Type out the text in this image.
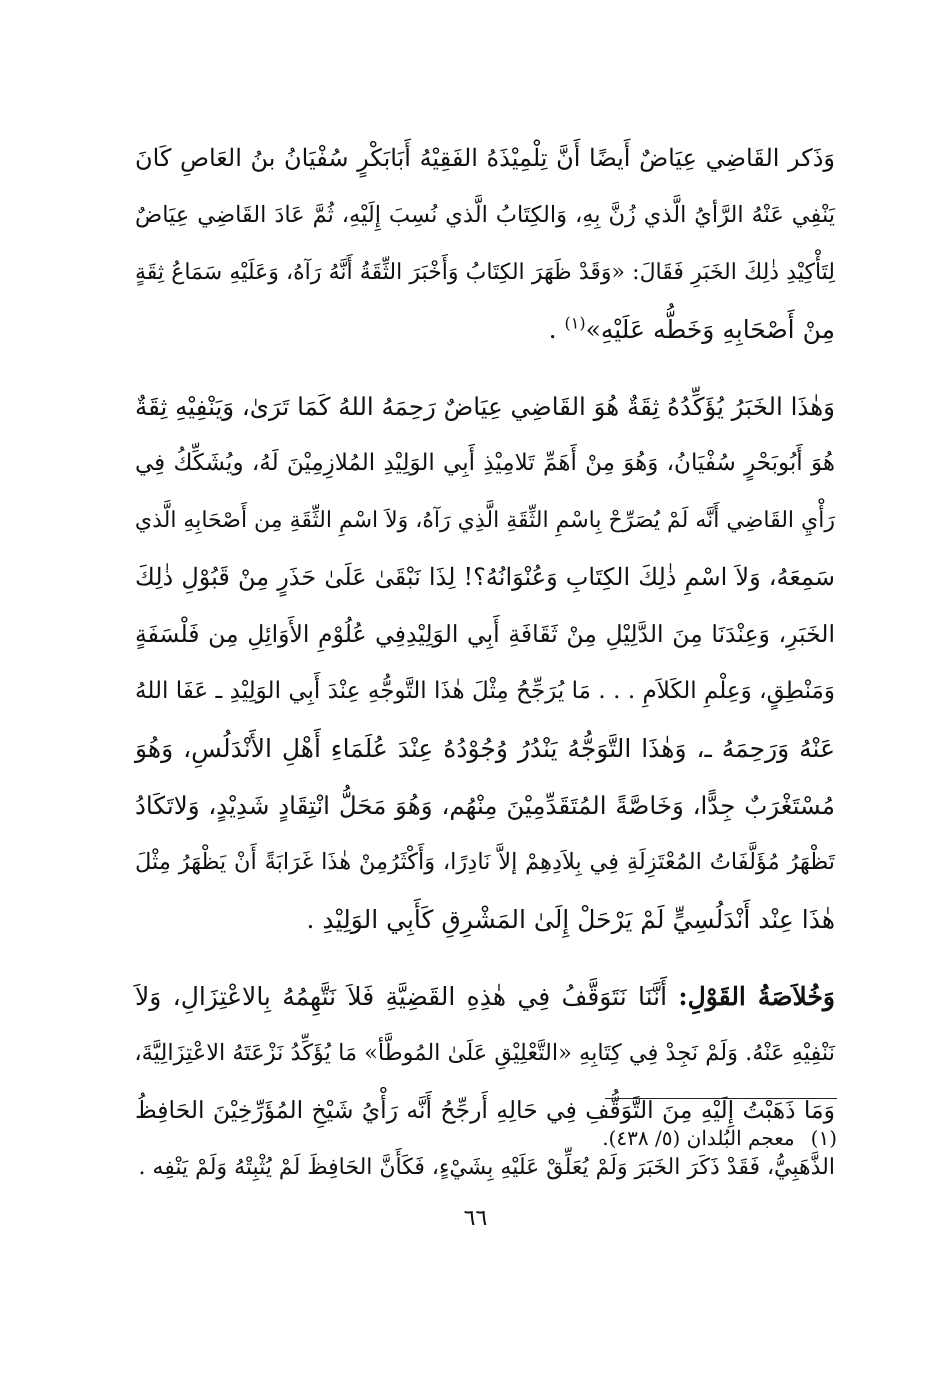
وَذَكر القَاضِي عِيَاضٌ أَيضًا أَنَّ تِلْمِيْذَهُ الفَقِيْهُ أَبَابَكْرٍ سُفْيَانُ بنُ العَاصِ كَانَ
يَنْفِي عَنْهُ الرَّأيُ الَّذي زُنَّ بِهِ، وَالكِتَابُ الَّذي نُسِبَ إِلَيْهِ، ثُمَّ عَادَ القَاضِي عِيَاضٌ
لِتَأْكِيْدِ ذٰلِكَ الخَبَرِ فَقَالَ: «وَقَدْ ظَهَرَ الكِتَابُ وَأَخْبَرَ الثِّقَةُ أَنَّهُ رَآهُ، وَعَلَيْهِ سَمَاعُ ثِقَةٍ
مِنْ أَصْحَابِهِ وَخَطُّه عَلَيْهِ»$^{(١)}$ .

وَهٰذَا الخَبَرُ يُؤَكِّدُهُ ثِقَةٌ هُوَ القَاضِي عِيَاضٌ رَحِمَهُ اللهُ كَمَا تَرَىٰ، وَيَنْفِيْهِ ثِقَةٌ
هُوَ أَبُوبَحْرٍ سُفْيَانُ، وَهُوَ مِنْ أَهَمِّ تَلامِيْذِ أَبِي الوَلِيْدِ المُلازِمِيْنَ لَهُ، ويُشَكِّكُ فِي
رَأْيِ القَاضِي أَنَّه لَمْ يُصَرِّحْ بِاسْمِ الثِّقَةِ الَّذِي رَآهُ، وَلاَ اسْمِ الثِّقَةِ مِن أَصْحَابِهِ الَّذي
سَمِعَهُ، وَلاَ اسْمِ ذٰلِكَ الكِتَابِ وَعُنْوَانُهُ؟! لِذَا نَبْقَىٰ عَلَىٰ حَذَرٍ مِنْ قَبُوْلِ ذٰلِكَ
الخَبَرِ، وَعِنْدَنَا مِنَ الدَّلِيْلِ مِنْ ثَقَافَةِ أَبِي الوَلِيْدِفِي عُلُوْمِ الأَوَائِلِ مِن فَلْسَفَةٍ
وَمَنْطِقٍ، وَعِلْمِ الكَلاَمِ . . . مَا يُرَجِّحُ مِثْلَ هٰذَا التَّوجُّهِ عِنْدَ أَبِي الوَلِيْدِ ـ عَفَا اللهُ
عَنْهُ وَرَحِمَهُ ـ، وَهٰذَا التَّوَجُّهُ يَنْدُرُ وُجُوْدُهُ عِنْدَ عُلَمَاءِ أَهْلِ الأَنْدَلُسِ، وَهُوَ
مُسْتَغْرَبٌ جِدًّا، وَخَاصَّةً المُتَقَدِّمِيْنَ مِنْهُم، وَهُوَ مَحَلُّ انْتِقَادٍ شَدِيْدٍ، وَلاتَكَادُ
تَظْهَرُ مُؤَلَّفَاتُ المُعْتَزِلَةِ فِي بِلاَدِهِمْ إلاَّ نَادِرًا، وَأَكْثَرُمِنْ هٰذَا غَرَابَةً أَنْ يَظْهَرُ مِثْلَ
هٰذَا عِنْد أَنْدَلُسِيٍّ لَمْ يَرْحَلْ إِلَىٰ المَشْرِقِ كَأَبِي الوَلِيْدِ .

وَخُلاَصَةُ القَوْلِ: أَنَّنَا نَتَوَقَّفُ فِي هٰذِهِ القَضِيَّةِ فَلاَ نَتَّهِمُهُ بِالاعْتِزَالِ، وَلاَ
نَنْفِيْهِ عَنْهُ. وَلَمْ نَجِدْ فِي كِتَابِهِ «التَّعْلِيْقِ عَلَىٰ المُوطَّأ» مَا يُؤَكِّدُ نَزْعَتَهُ الاعْتِزَالِيَّةَ،
وَمَا ذَهَبْتُ إِلَيْهِ مِنَ التَّوَقُّفِ فِي حَالِهِ أَرجِّحُ أَنَّه رَأْيُ شَيْخِ المُؤَرِّخِيْنَ الحَافِظُ
الذَّهَبِيُّ، فَقَدْ ذَكَرَ الخَبَرَ وَلَمْ يُعَلِّقْ عَلَيْهِ بِشَيْءٍ، فَكَأَنَّ الحَافِظَ لَمْ يُثْبِتْهُ وَلَمْ يَنْفِه .

(١)معجم البُلدان (٥/ ٤٣٨).
٦٦
